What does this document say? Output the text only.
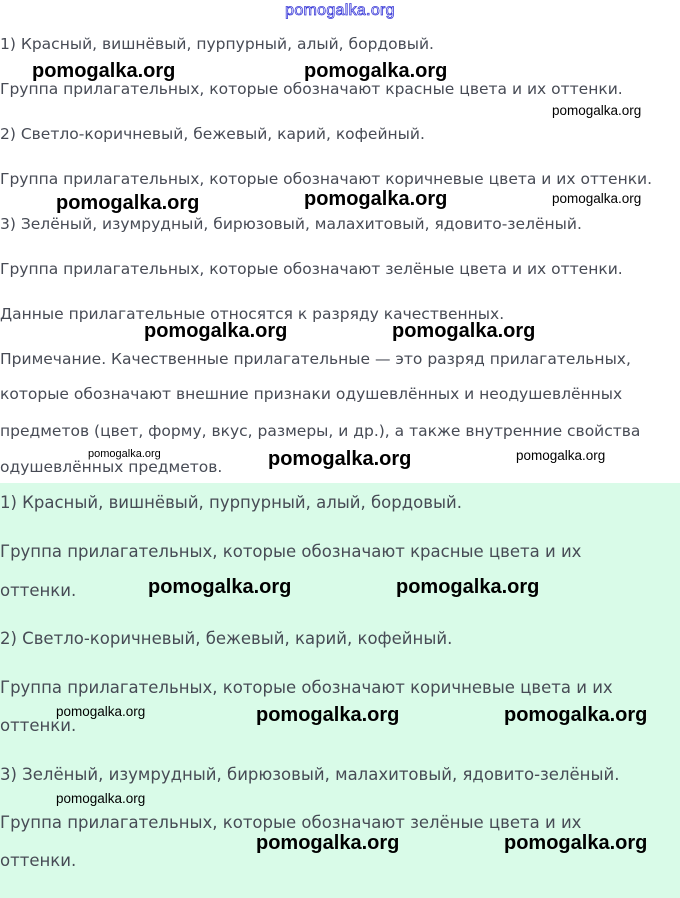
pomogalka.org
1) Красный, вишнёвый, пурпурный, алый, бордовый.
Группа прилагательных, которые обозначают красные цвета и их оттенки.
2) Светло-коричневый, бежевый, карий, кофейный.
Группа прилагательных, которые обозначают коричневые цвета и их оттенки.
3) Зелёный, изумрудный, бирюзовый, малахитовый, ядовито-зелёный.
Группа прилагательных, которые обозначают зелёные цвета и их оттенки.
Данные прилагательные относятся к разряду качественных.
Примечание. Качественные прилагательные — это разряд прилагательных,
которые обозначают внешние признаки одушевлённых и неодушевлённых
предметов (цвет, форму, вкус, размеры, и др.), а также внутренние свойства
одушевлённых предметов.
1) Красный, вишнёвый, пурпурный, алый, бордовый.
Группа прилагательных, которые обозначают красные цвета и их
оттенки.
2) Светло-коричневый, бежевый, карий, кофейный.
Группа прилагательных, которые обозначают коричневые цвета и их
оттенки.
3) Зелёный, изумрудный, бирюзовый, малахитовый, ядовито-зелёный.
Группа прилагательных, которые обозначают зелёные цвета и их
оттенки.
pomogalka.org	pomogalka.org
pomogalka.org
pomogalka.org	pomogalka.org	pomogalka.org
pomogalka.org	pomogalka.org
pomogalka.org	pomogalka.org	pomogalka.org
pomogalka.org	pomogalka.org
pomogalka.org	pomogalka.org	pomogalka.org
pomogalka.org
pomogalka.org	pomogalka.org
